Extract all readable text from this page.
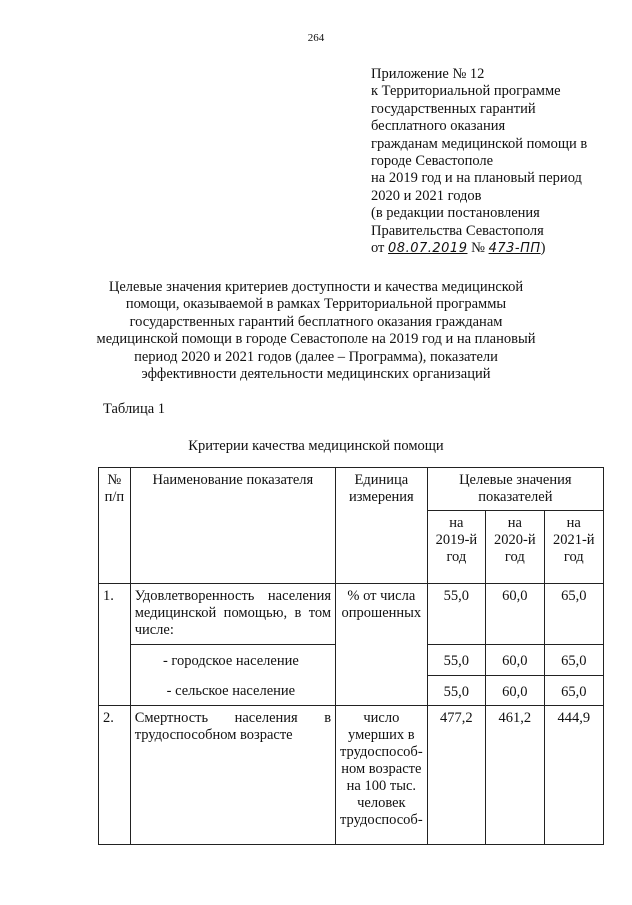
264
Приложение № 12
к Территориальной программе
государственных гарантий
бесплатного оказания
гражданам медицинской помощи в
городе Севастополе
на 2019 год и на плановый период
2020 и 2021 годов
(в редакции постановления
Правительства Севастополя
от 08.07.2019 № 473-ПП)
Целевые значения критериев доступности и качества медицинской помощи, оказываемой в рамках Территориальной программы государственных гарантий бесплатного оказания гражданам медицинской помощи в городе Севастополе на 2019 год и на плановый период 2020 и 2021 годов (далее – Программа), показатели эффективности деятельности медицинских организаций
Таблица 1
Критерии качества медицинской помощи
№ п/п	Наименование показателя	Единица измерения	Целевые значения показателей		
			на 2019-й год	на 2020-й год	на 2021-й год
1.	Удовлетворенность населения медицинской помощью, в том числе:	% от числа опрошенных	55,0	60,0	65,0
	- городское население		55,0	60,0	65,0
	- сельское население		55,0	60,0	65,0
2.	Смертность населения в трудоспособном возрасте	число умерших в трудоспособ-ном возрасте на 100 тыс. человек трудоспособ-	477,2	461,2	444,9
